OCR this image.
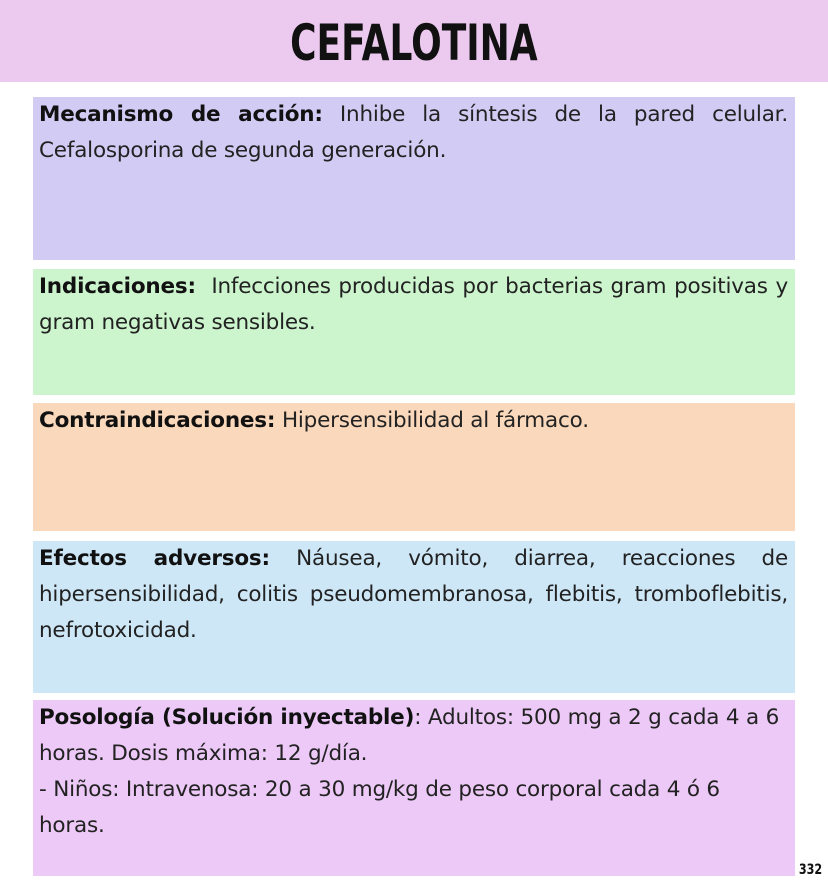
CEFALOTINA

Mecanismo de acción: Inhibe la síntesis de la pared celular. Cefalosporina de segunda generación.

Indicaciones:  Infecciones producidas por bacterias gram positivas y gram negativas sensibles.

Contraindicaciones: Hipersensibilidad al fármaco.

Efectos adversos: Náusea, vómito, diarrea, reacciones de hipersensibilidad, colitis pseudomembranosa, flebitis, tromboflebitis, nefrotoxicidad.

Posología (Solución inyectable): Adultos: 500 mg a 2 g cada 4 a 6 horas. Dosis máxima: 12 g/día.

- Niños: Intravenosa: 20 a 30 mg/kg de peso corporal cada 4 ó 6 horas.

332
